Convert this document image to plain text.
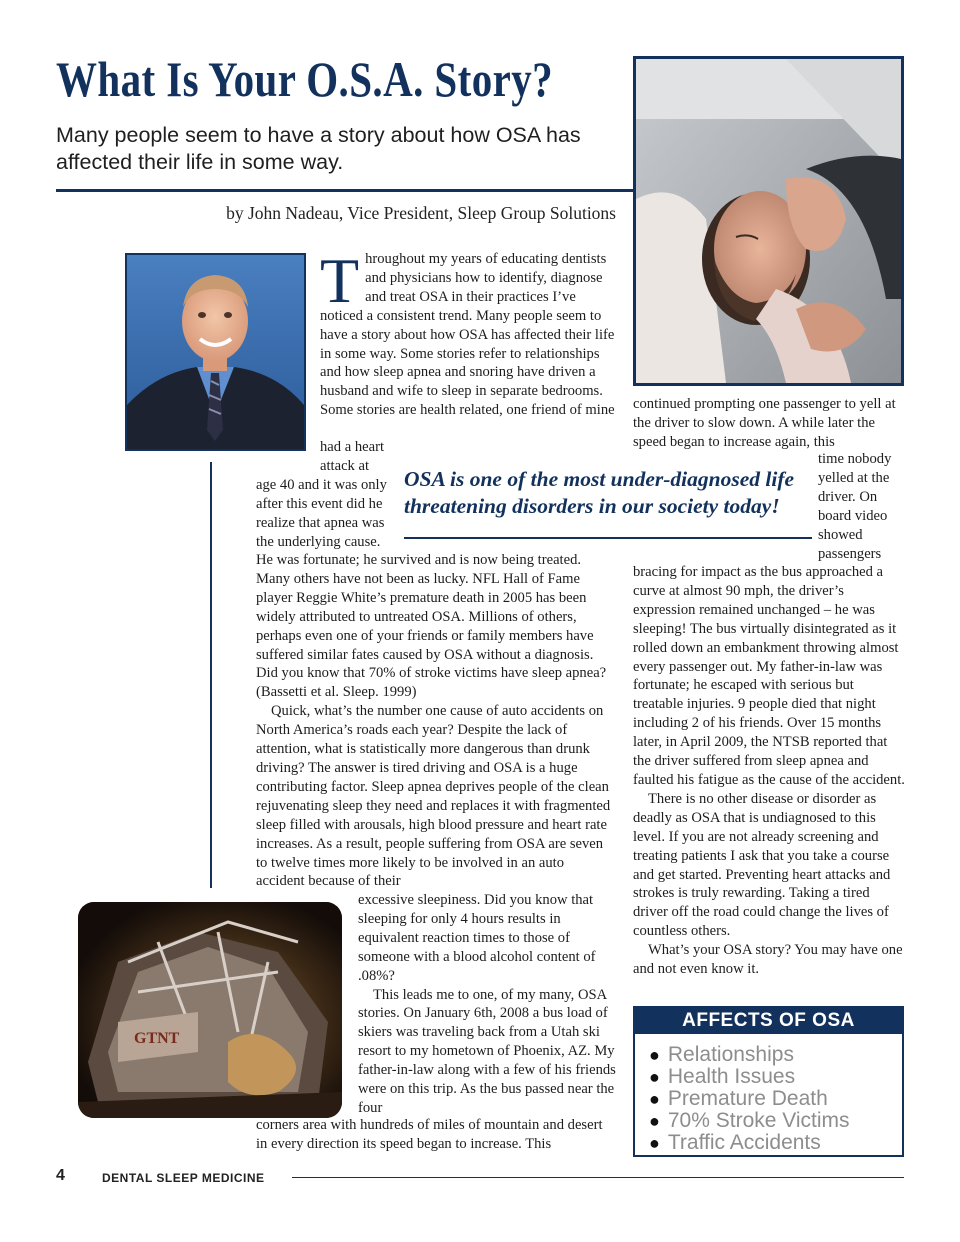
What Is Your O.S.A. Story?

Many people seem to have a story about how OSA has affected their life in some way.

by John Nadeau, Vice President, Sleep Group Solutions
GTNT
Throughout my years of educating dentists and physicians how to identify, diagnose and treat OSA in their practices I’ve noticed a consistent trend. Many people seem to have a story about how OSA has affected their life in some way. Some stories refer to relationships and how sleep apnea and snoring have driven a husband and wife to sleep in separate bedrooms. Some stories are health related, one friend of mine
had a heart attack at
age 40 and it was only after this event did he realize that apnea was the underlying cause.

OSA is one of the most under-diagnosed life threatening disorders in our society today!

He was fortunate; he survived and is now being treated. Many others have not been as lucky. NFL Hall of Fame player Reggie White’s premature death in 2005 has been widely attributed to untreated OSA. Millions of others, perhaps even one of your friends or family members have suffered similar fates caused by OSA without a diagnosis. Did you know that 70% of stroke victims have sleep apnea? (Bassetti et al. Sleep. 1999)

Quick, what’s the number one cause of auto accidents on North America’s roads each year? Despite the lack of attention, what is statistically more dangerous than drunk driving? The answer is tired driving and OSA is a huge contributing factor. Sleep apnea deprives people of the clean rejuvenating sleep they need and replaces it with fragmented sleep filled with arousals, high blood pressure and heart rate increases. As a result, people suffering from OSA are seven to twelve times more likely to be involved in an auto accident because of their

excessive sleepiness. Did you know that sleeping for only 4 hours results in equivalent reaction times to those of someone with a blood alcohol content of .08%?

This leads me to one, of my many, OSA stories. On January 6th, 2008 a bus load of skiers was traveling back from a Utah ski resort to my hometown of Phoenix, AZ. My father-in-law along with a few of his friends were on this trip. As the bus passed near the four

corners area with hundreds of miles of mountain and desert in every direction its speed began to increase. This
continued prompting one passenger to yell at the driver to slow down. A while later the speed began to increase again, this
time nobody yelled at the driver. On board video showed passengers

bracing for impact as the bus approached a curve at almost 90 mph, the driver’s expression remained unchanged – he was sleeping! The bus virtually disintegrated as it rolled down an embankment throwing almost every passenger out. My father-in-law was fortunate; he escaped with serious but treatable injuries. 9 people died that night including 2 of his friends. Over 15 months later, in April 2009, the NTSB reported that the driver suffered from sleep apnea and faulted his fatigue as the cause of the accident.

There is no other disease or disorder as deadly as OSA that is undiagnosed to this level. If you are not already screening and treating patients I ask that you take a course and get started. Preventing heart attacks and strokes is truly rewarding. Taking a tired driver off the road could change the lives of countless others.

What’s your OSA story? You may have one and not even know it.

AFFECTS OF OSA
● Relationships
● Health Issues
● Premature Death
● 70% Stroke Victims
● Traffic Accidents
4	DENTAL SLEEP MEDICINE
